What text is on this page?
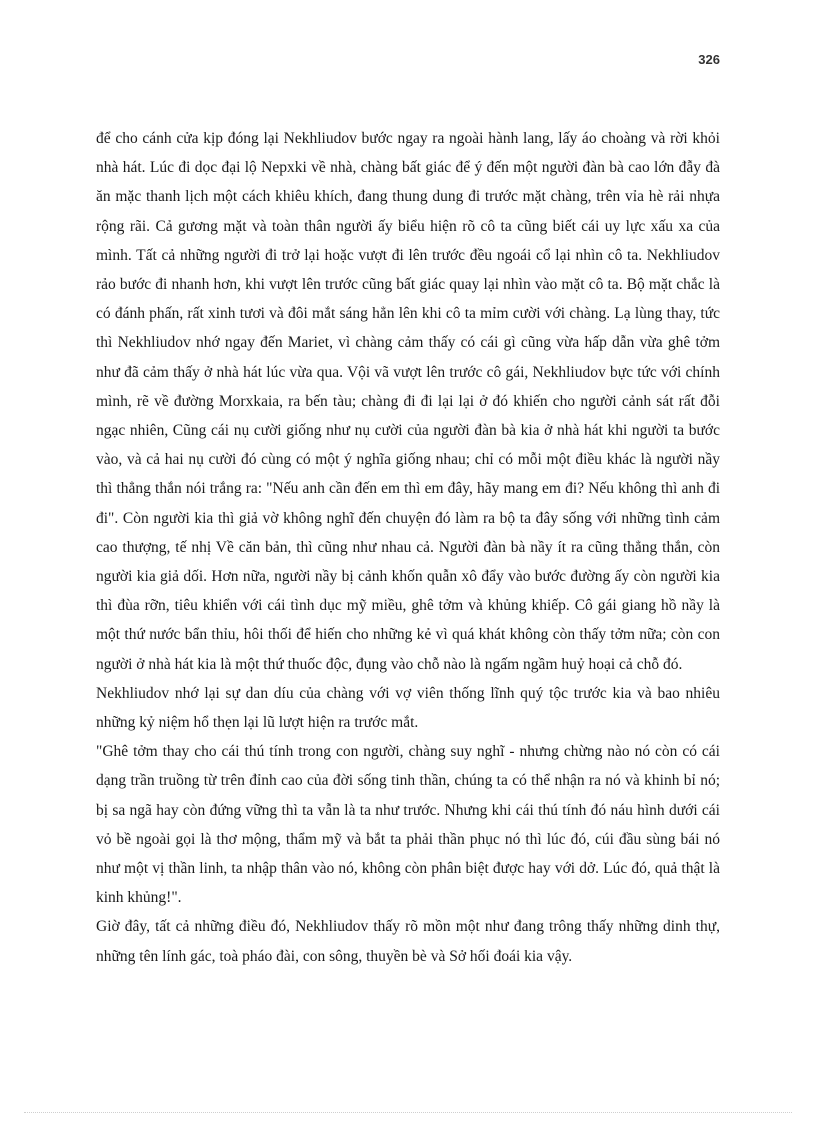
326

để cho cánh cửa kịp đóng lại Nekhliudov bước ngay ra ngoài hành lang, lấy áo choàng và rời khỏi nhà hát. Lúc đi dọc đại lộ Nepxki về nhà, chàng bất giác để ý đến một người đàn bà cao lớn đẫy đà ăn mặc thanh lịch một cách khiêu khích, đang thung dung đi trước mặt chàng, trên vỉa hè rải nhựa rộng rãi. Cả gương mặt và toàn thân người ấy biểu hiện rõ cô ta cũng biết cái uy lực xấu xa của mình. Tất cả những người đi trở lại hoặc vượt đi lên trước đều ngoái cổ lại nhìn cô ta. Nekhliudov rảo bước đi nhanh hơn, khi vượt lên trước cũng bất giác quay lại nhìn vào mặt cô ta. Bộ mặt chắc là có đánh phấn, rất xinh tươi và đôi mắt sáng hẳn lên khi cô ta mỉm cười với chàng. Lạ lùng thay, tức thì Nekhliudov nhớ ngay đến Mariet, vì chàng cảm thấy có cái gì cũng vừa hấp dẫn vừa ghê tởm như đã cảm thấy ở nhà hát lúc vừa qua. Vội vã vượt lên trước cô gái, Nekhliudov bực tức với chính mình, rẽ về đường Morxkaia, ra bến tàu; chàng đi đi lại lại ở đó khiến cho người cảnh sát rất đỗi ngạc nhiên, Cũng cái nụ cười giống như nụ cười của người đàn bà kia ở nhà hát khi người ta bước vào, và cả hai nụ cười đó cùng có một ý nghĩa giống nhau; chỉ có mỗi một điều khác là người nầy thì thẳng thắn nói trắng ra: "Nếu anh cần đến em thì em đây, hãy mang em đi? Nếu không thì anh đi đi". Còn người kia thì giả vờ không nghĩ đến chuyện đó làm ra bộ ta đây sống với những tình cảm cao thượng, tế nhị Về căn bản, thì cũng như nhau cả. Người đàn bà nầy ít ra cũng thẳng thắn, còn người kia giả dối. Hơn nữa, người nầy bị cảnh khốn quẫn xô đẩy vào bước đường ấy còn người kia thì đùa rỡn, tiêu khiển với cái tình dục mỹ miều, ghê tởm và khủng khiếp. Cô gái giang hồ nầy là một thứ nước bẩn thỉu, hôi thối để hiến cho những kẻ vì quá khát không còn thấy tởm nữa; còn con người ở nhà hát kia là một thứ thuốc độc, đụng vào chỗ nào là ngấm ngầm huỷ hoại cả chỗ đó.

Nekhliudov nhớ lại sự dan díu của chàng với vợ viên thống lĩnh quý tộc trước kia và bao nhiêu những kỷ niệm hổ thẹn lại lũ lượt hiện ra trước mắt.

"Ghê tởm thay cho cái thú tính trong con người, chàng suy nghĩ - nhưng chừng nào nó còn có cái dạng trần truồng từ trên đỉnh cao của đời sống tinh thần, chúng ta có thể nhận ra nó và khinh bỉ nó; bị sa ngã hay còn đứng vững thì ta vẫn là ta như trước. Nhưng khi cái thú tính đó náu hình dưới cái vỏ bề ngoài gọi là thơ mộng, thẩm mỹ và bắt ta phải thần phục nó thì lúc đó, cúi đầu sùng bái nó như một vị thần linh, ta nhập thân vào nó, không còn phân biệt được hay với dở. Lúc đó, quả thật là kinh khủng!".

Giờ đây, tất cả những điều đó, Nekhliudov thấy rõ mồn một như đang trông thấy những dinh thự, những tên lính gác, toà pháo đài, con sông, thuyền bè và Sở hối đoái kia vậy.
